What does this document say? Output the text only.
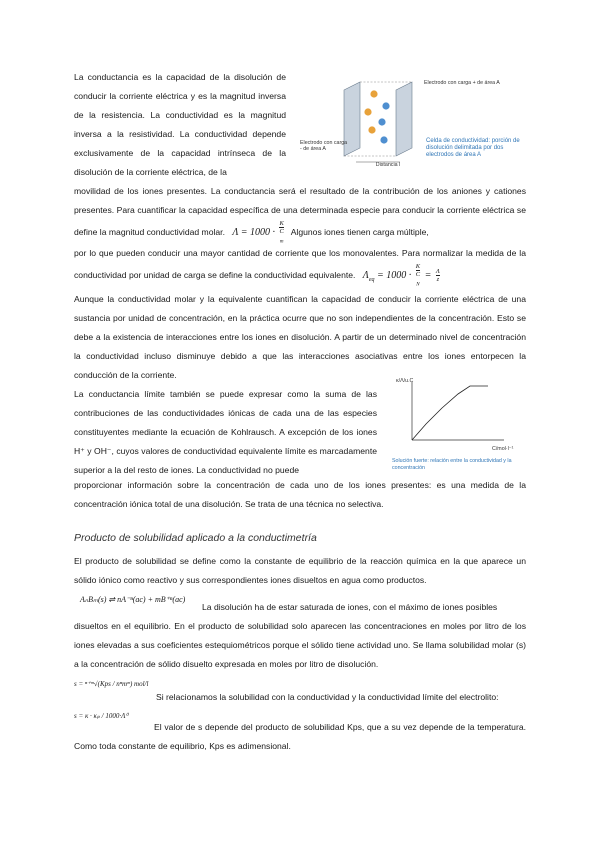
La conductancia es la capacidad de la disolución de conducir la corriente eléctrica y es la magnitud inversa de la resistencia. La conductividad es la magnitud inversa a la resistividad. La conductividad depende exclusivamente de la capacidad intrínseca de la disolución de la corriente eléctrica, de la
Electrodo con carga + de área A
Electrodo con carga - de área A
Distancia l
Celda de conductividad: porción de disolución delimitada por dos electrodos de área A
movilidad de los iones presentes. La conductancia será el resultado de la contribución de los aniones y cationes presentes. Para cuantificar la capacidad específica de una determinada especie para conducir la corriente eléctrica se define la magnitud conductividad molar. Λ = 1000 · K
C
$_m$ Algunos iones tienen carga múltiple,
por lo que pueden conducir una mayor cantidad de corriente que los monovalentes. Para normalizar la medida de la conductividad por unidad de carga se define la conductividad equivalente. $\Lambda_{eq} = 1000 \cdot K$
C
$_N = \frac{\Lambda}{z}$
Aunque la conductividad molar y la equivalente cuantifican la capacidad de conducir la corriente eléctrica de una sustancia por unidad de concentración, en la práctica ocurre que no son independientes de la concentración. Esto se debe a la existencia de interacciones entre los iones en disolución. A partir de un determinado nivel de concentración la conductividad incluso disminuye debido a que las interacciones asociativas entre los iones entorpecen la conducción de la corriente.
La conductancia límite también se puede expresar como la suma de las contribuciones de las conductividades iónicas de cada una de las especies constituyentes mediante la ecuación de Kohlrausch. A excepción de los iones H⁺ y OH⁻, cuyos valores de conductividad equivalente límite es marcadamente superior a la del resto de iones. La conductividad no puede
κ/Λ/u.C
C/mol·l⁻¹
Solución fuerte: relación entre la conductividad y la concentración
proporcionar información sobre la concentración de cada uno de los iones presentes: es una medida de la concentración iónica total de una disolución. Se trata de una técnica no selectiva.
Producto de solubilidad aplicado a la conductimetría
El producto de solubilidad se define como la constante de equilibrio de la reacción química en la que aparece un sólido iónico como reactivo y sus correspondientes iones disueltos en agua como productos.
AₙBₘ(s) ⇌ nA⁻ⁿ(ac) + mB⁺ⁿ(ac)
La disolución ha de estar saturada de iones, con el máximo de iones posibles
disueltos en el equilibrio. En el producto de solubilidad solo aparecen las concentraciones en moles por litro de los iones elevadas a sus coeficientes estequiométricos porque el sólido tiene actividad uno. Se llama solubilidad molar (s) a la concentración de sólido disuelto expresada en moles por litro de disolución.
s = ⁿ⁺ᵐ√(Kps / nⁿmᵐ) mol/l
Si relacionamos la solubilidad con la conductividad y la conductividad límite del electrolito:
s = κ · κₚ / 1000·Λ⁰
El valor de s depende del producto de solubilidad Kps, que a su vez depende de la temperatura. Como toda constante de equilibrio, Kps es adimensional.
